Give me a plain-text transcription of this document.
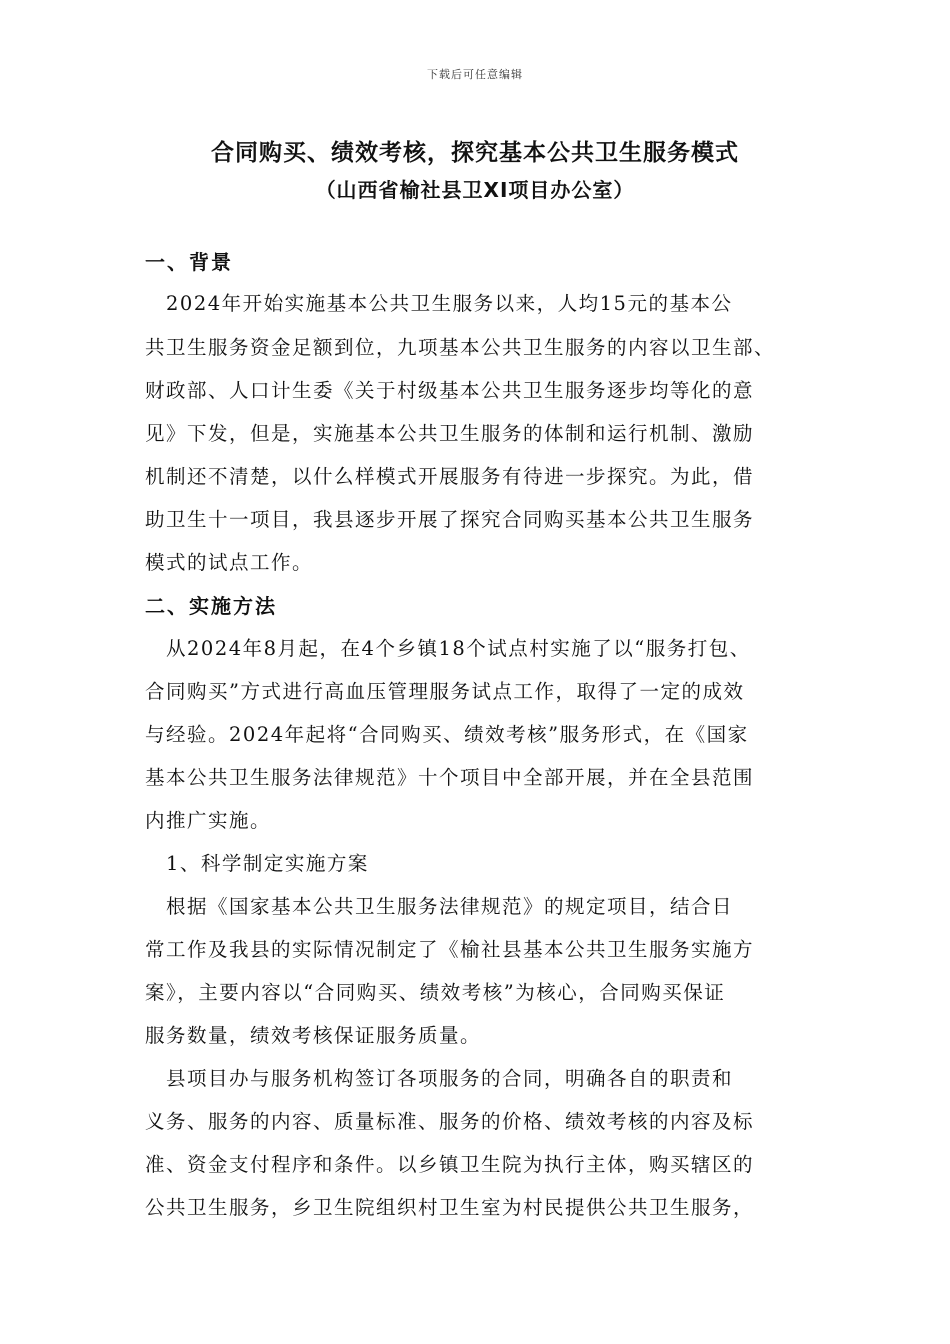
下载后可任意编辑
合同购买、绩效考核，探究基本公共卫生服务模式
（山西省榆社县卫XI项目办公室）
一、背景
　2024年开始实施基本公共卫生服务以来，人均15元的基本公
共卫生服务资金足额到位，九项基本公共卫生服务的内容以卫生部、
财政部、人口计生委《关于村级基本公共卫生服务逐步均等化的意
见》下发，但是，实施基本公共卫生服务的体制和运行机制、激励
机制还不清楚，以什么样模式开展服务有待进一步探究。为此，借
助卫生十一项目，我县逐步开展了探究合同购买基本公共卫生服务
模式的试点工作。
二、实施方法
　从2024年8月起，在4个乡镇18个试点村实施了以“服务打包、
合同购买”方式进行高血压管理服务试点工作，取得了一定的成效
与经验。2024年起将“合同购买、绩效考核”服务形式，在《国家
基本公共卫生服务法律规范》十个项目中全部开展，并在全县范围
内推广实施。
　1、科学制定实施方案
　根据《国家基本公共卫生服务法律规范》的规定项目，结合日
常工作及我县的实际情况制定了《榆社县基本公共卫生服务实施方
案》，主要内容以“合同购买、绩效考核”为核心，合同购买保证
服务数量，绩效考核保证服务质量。
　县项目办与服务机构签订各项服务的合同，明确各自的职责和
义务、服务的内容、质量标准、服务的价格、绩效考核的内容及标
准、资金支付程序和条件。以乡镇卫生院为执行主体，购买辖区的
公共卫生服务，乡卫生院组织村卫生室为村民提供公共卫生服务，
